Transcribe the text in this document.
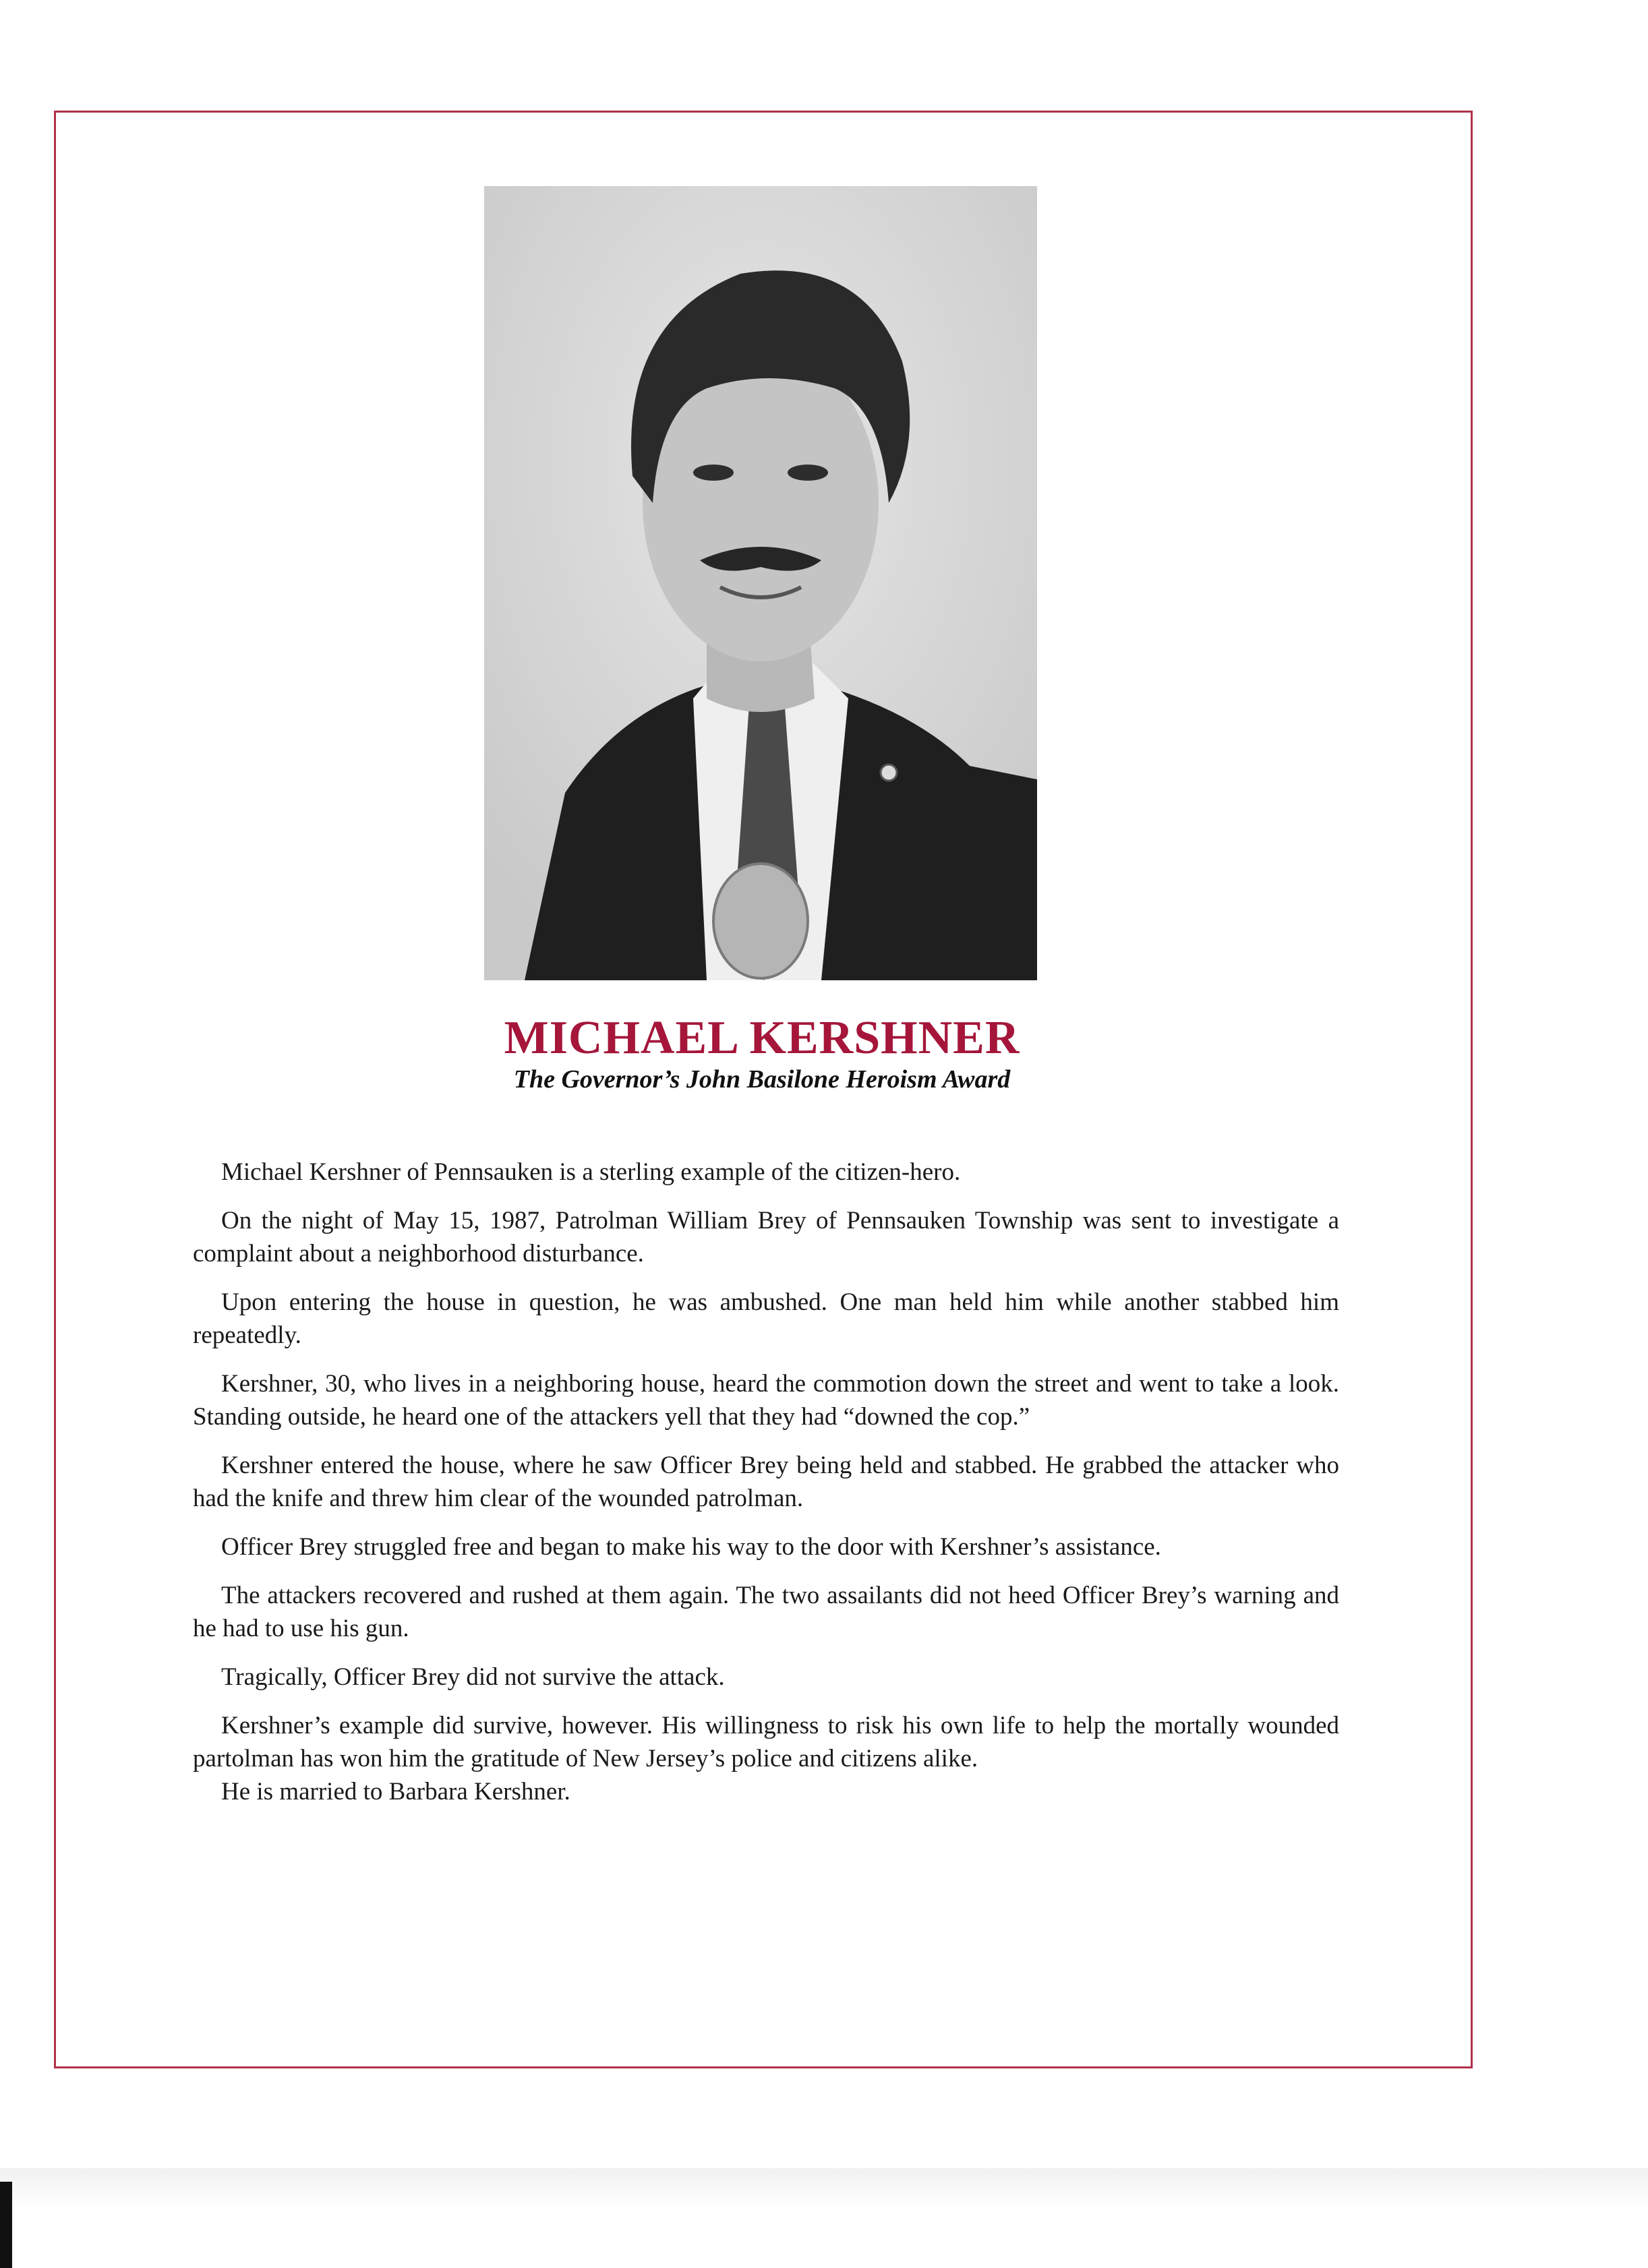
MICHAEL KERSHNER
The Governor’s John Basilone Heroism Award

Michael Kershner of Pennsauken is a sterling example of the citizen-hero.

On the night of May 15, 1987, Patrolman William Brey of Pennsauken Township was sent to investigate a complaint about a neighborhood disturbance.

Upon entering the house in question, he was ambushed. One man held him while another stabbed him repeatedly.

Kershner, 30, who lives in a neighboring house, heard the commotion down the street and went to take a look. Standing outside, he heard one of the attackers yell that they had “downed the cop.”

Kershner entered the house, where he saw Officer Brey being held and stabbed. He grabbed the attacker who had the knife and threw him clear of the wounded patrolman.

Officer Brey struggled free and began to make his way to the door with Kershner’s assistance.

The attackers recovered and rushed at them again. The two assailants did not heed Officer Brey’s warning and he had to use his gun.

Tragically, Officer Brey did not survive the attack.

Kershner’s example did survive, however. His willingness to risk his own life to help the mortally wounded partolman has won him the gratitude of New Jersey’s police and citizens alike.

He is married to Barbara Kershner.
